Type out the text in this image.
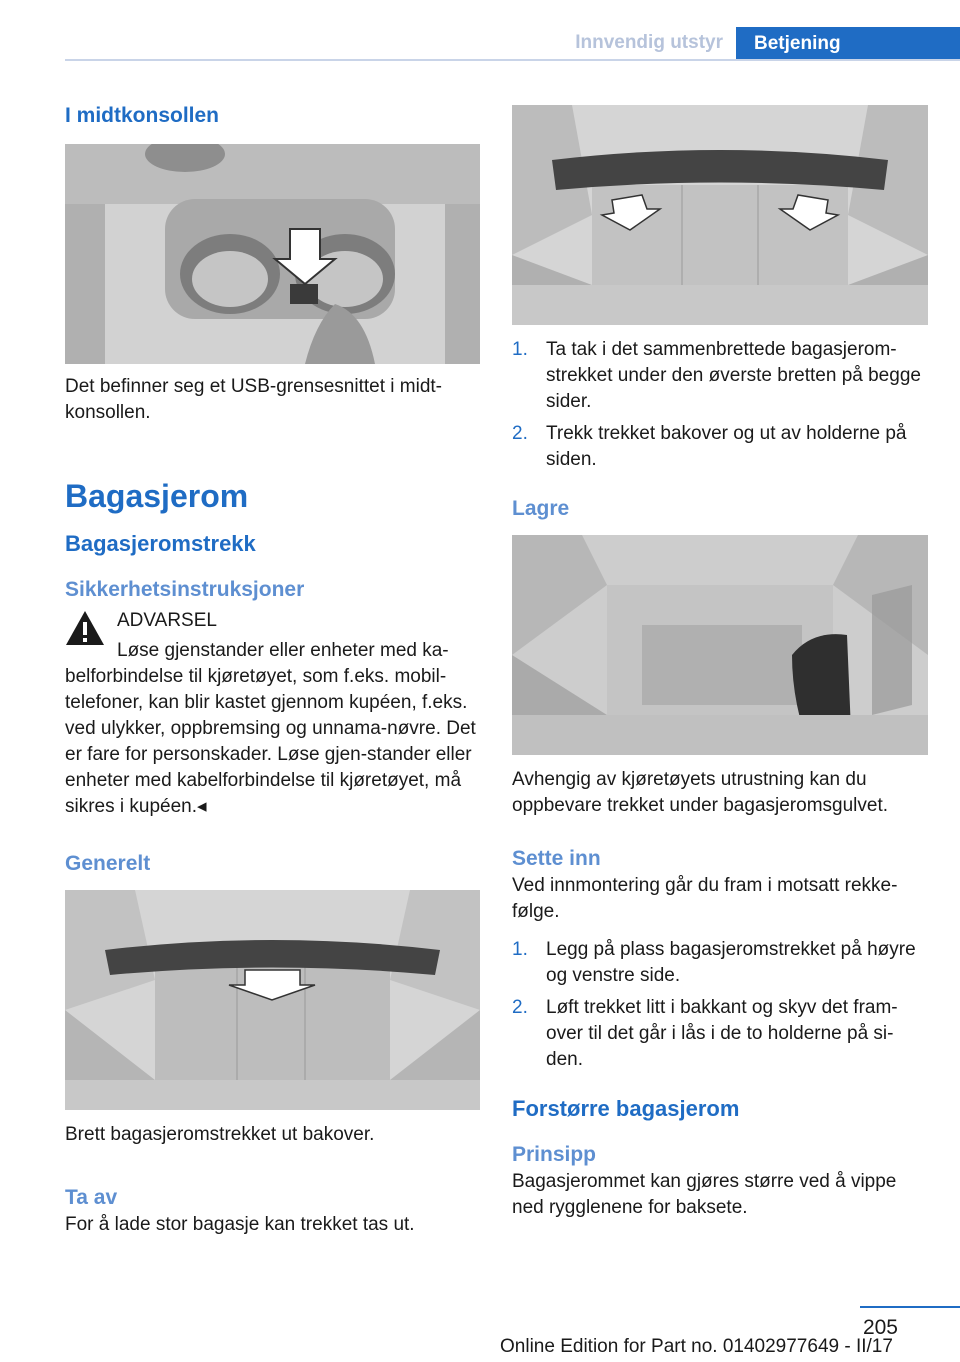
Innvendig utstyr	Betjening
I midtkonsollen

Det befinner seg et USB-grensesnittet i midt-konsollen.

Bagasjerom
Bagasjeromstrekk
Sikkerhetsinstruksjoner

ADVARSEL

Løse gjenstander eller enheter med ka-

belforbindelse til kjøretøyet, som f.eks. mobil-telefoner, kan blir kastet gjennom kupéen, f.eks. ved ulykker, oppbremsing og unnama-nøvre. Det er fare for personskader. Løse gjen-stander eller enheter med kabelforbindelse til kjøretøyet, må sikres i kupéen.◂

Generelt

Brett bagasjeromstrekket ut bakover.

Ta av

For å lade stor bagasje kan trekket tas ut.

1. Ta tak i det sammenbrettede bagasjerom-strekket under den øverste bretten på begge sider.
2. Trekk trekket bakover og ut av holderne på siden.
Lagre

Avhengig av kjøretøyets utrustning kan du oppbevare trekket under bagasjeromsgulvet.

Sette inn

Ved innmontering går du fram i motsatt rekke-følge.

1. Legg på plass bagasjeromstrekket på høyre og venstre side.
2. Løft trekket litt i bakkant og skyv det fram-over til det går i lås i de to holderne på si-den.
Forstørre bagasjerom
Prinsipp

Bagasjerommet kan gjøres større ved å vippe ned rygglenene for baksete.

205
Online Edition for Part no. 01402977649 - II/17
